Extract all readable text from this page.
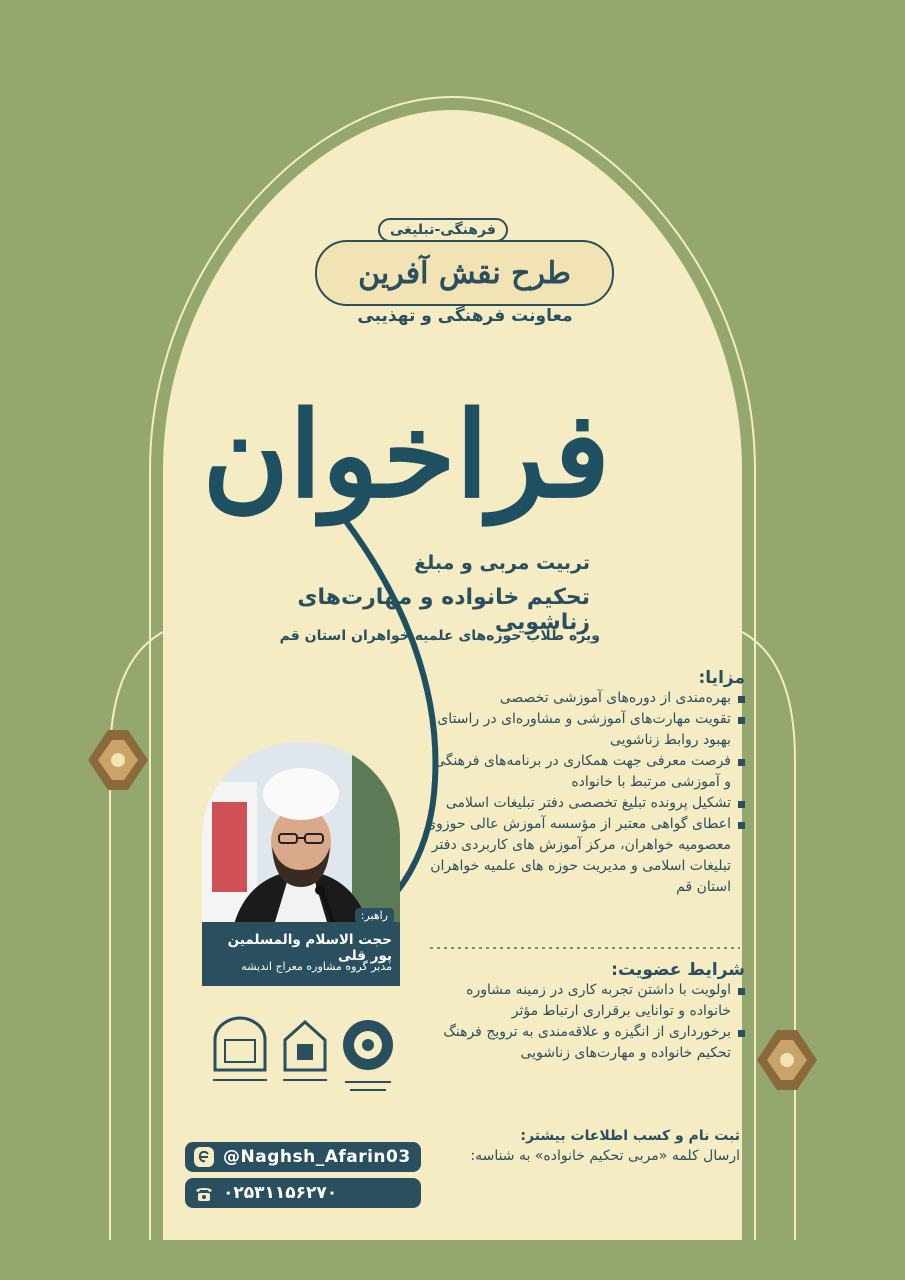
فرهنگی-تبلیغی
طرح نقش آفرین
معاونت فرهنگی و تهذیبی
فراخوان
تربیت مربی و مبلغ
تحکیم خانواده و مهارت‌های زناشویی
ویژه طلاب حوزه‌های علمیه خواهران استان قم
مزایا:
بهره‌مندی از دوره‌های آموزشی تخصصی
تقویت مهارت‌های آموزشی و مشاوره‌ای در راستای بهبود روابط زناشویی
فرصت معرفی جهت همکاری در برنامه‌های فرهنگی و آموزشی مرتبط با خانواده
تشکیل پرونده تبلیغ تخصصی دفتر تبلیغات اسلامی
اعطای گواهی معتبر از مؤسسه آموزش عالی حوزوی معصومیه خواهران، مرکز آموزش های کاربردی دفتر تبلیغات اسلامی و مدیریت حوزه های علمیه خواهران استان قم
شرایط عضویت:
اولویت با داشتن تجربه کاری در زمینه مشاوره خانواده و توانایی برقراری ارتباط مؤثر
برخورداری از انگیزه و علاقه‌مندی به ترویج فرهنگ تحکیم خانواده و مهارت‌های زناشویی
راهبر:
حجت الاسلام والمسلمین پور قلی
مدیر گروه مشاوره معراج اندیشه
@Naghsh_Afarin03
۰۲۵۳۱۱۵۶۲۷۰
ثبت نام و کسب اطلاعات بیشتر:
ارسال کلمه «مربی تحکیم خانواده» به شناسه:
